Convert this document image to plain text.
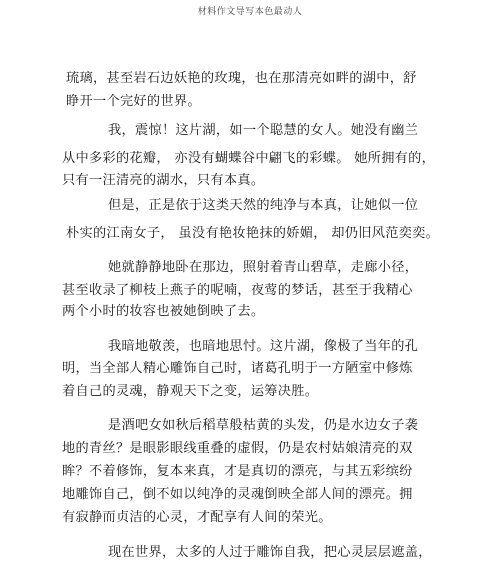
材料作文导写本色最动人
琉璃，甚至岩石边妖艳的玫瑰，也在那清亮如畔的湖中，舒
睁开一个完好的世界。
我，震惊！这片湖，如一个聪慧的女人。她没有幽兰
从中多彩的花瓣， 亦没有蝴蝶谷中翩飞的彩蝶。 她所拥有的，
只有一汪清亮的湖水，只有本真。
但是，正是依于这类天然的纯净与本真，让她似一位
朴实的江南女子， 虽没有艳妆艳抹的娇媚， 却仍旧风范奕奕。
她就静静地卧在那边，照射着青山碧草，走廊小径，
甚至收录了柳枝上燕子的呢喃，夜莺的梦话，甚至于我精心
两个小时的妆容也被她倒映了去。
我暗地敬羡，也暗地思忖。这片湖，像极了当年的孔
明，当全部人精心雕饰自己时，诸葛孔明于一方陋室中修炼
着自己的灵魂，静观天下之变，运筹决胜。
是酒吧女如秋后稻草般枯黄的头发，仍是水边女子袭
地的青丝？是眼影眼线重叠的虚假，仍是农村姑娘清亮的双
眸？不着修饰，复本来真，才是真切的漂亮，与其五彩缤纷
地雕饰自己，倒不如以纯净的灵魂倒映全部人间的漂亮。拥
有寂静而贞洁的心灵，才配享有人间的荣光。
现在世界，太多的人过于雕饰自我，把心灵层层遮盖，
